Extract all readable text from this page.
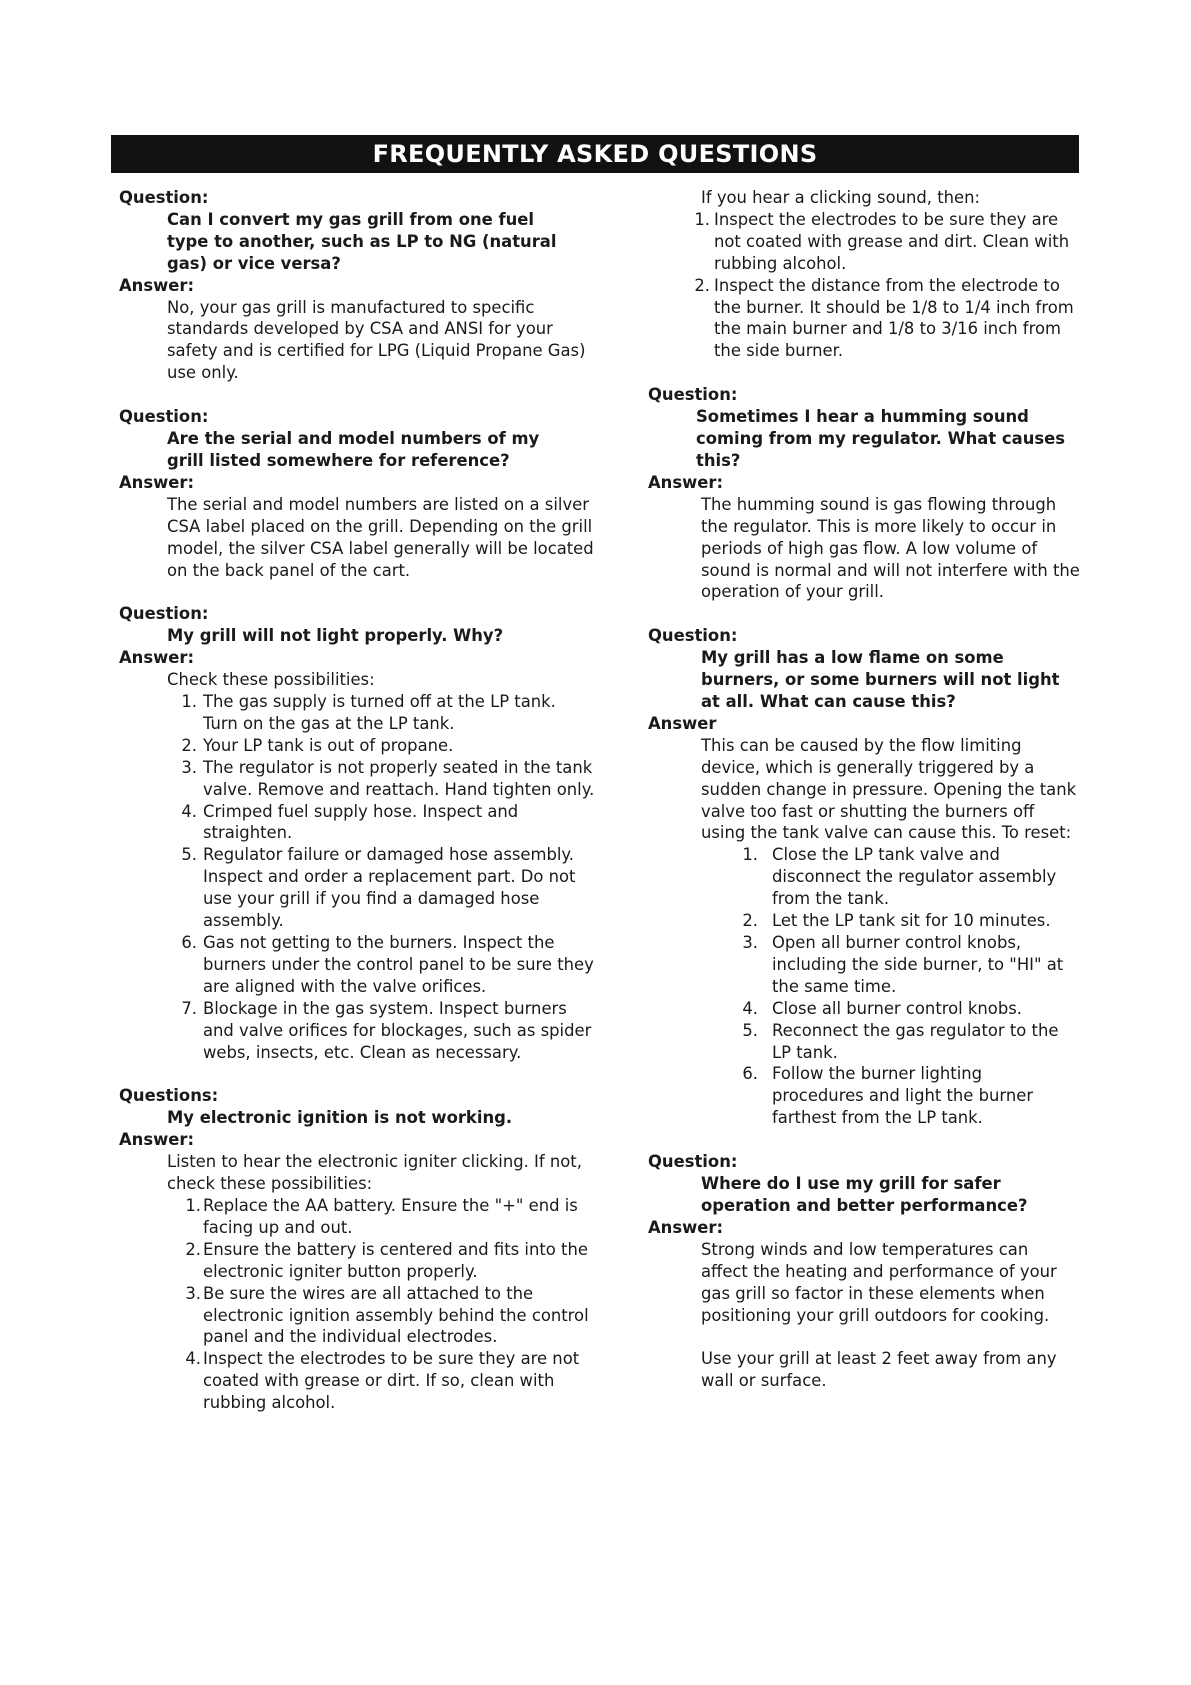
FREQUENTLY ASKED QUESTIONS
Question:
Can I convert my gas grill from one fuel type to another, such as LP to NG (natural gas) or vice versa?
Answer:
No, your gas grill is manufactured to specific standards developed by CSA and ANSI for your safety and is certified for LPG (Liquid Propane Gas) use only.
Question:
Are the serial and model numbers of my grill listed somewhere for reference?
Answer:
The serial and model numbers are listed on a silver CSA label placed on the grill. Depending on the grill model, the silver CSA label generally will be located on the back panel of the cart.
Question:
My grill will not light properly. Why?
Answer:
Check these possibilities:
1. The gas supply is turned off at the LP tank. Turn on the gas at the LP tank.
2. Your LP tank is out of propane.
3. The regulator is not properly seated in the tank valve. Remove and reattach. Hand tighten only.
4. Crimped fuel supply hose. Inspect and straighten.
5. Regulator failure or damaged hose assembly. Inspect and order a replacement part. Do not use your grill if you find a damaged hose assembly.
6. Gas not getting to the burners. Inspect the burners under the control panel to be sure they are aligned with the valve orifices.
7. Blockage in the gas system. Inspect burners and valve orifices for blockages, such as spider webs, insects, etc. Clean as necessary.
Questions:
My electronic ignition is not working.
Answer:
Listen to hear the electronic igniter clicking. If not, check these possibilities:
1. Replace the AA battery. Ensure the "+" end is facing up and out.
2. Ensure the battery is centered and fits into the electronic igniter button properly.
3. Be sure the wires are all attached to the electronic ignition assembly behind the control panel and the individual electrodes.
4. Inspect the electrodes to be sure they are not coated with grease or dirt. If so, clean with rubbing alcohol.
If you hear a clicking sound, then:
1. Inspect the electrodes to be sure they are not coated with grease and dirt. Clean with rubbing alcohol.
2. Inspect the distance from the electrode to the burner. It should be 1/8 to 1/4 inch from the main burner and 1/8 to 3/16 inch from the side burner.
Question:
Sometimes I hear a humming sound coming from my regulator. What causes this?
Answer:
The humming sound is gas flowing through the regulator. This is more likely to occur in periods of high gas flow. A low volume of sound is normal and will not interfere with the operation of your grill.
Question:
My grill has a low flame on some burners, or some burners will not light at all. What can cause this?
Answer
This can be caused by the flow limiting device, which is generally triggered by a sudden change in pressure. Opening the tank valve too fast or shutting the burners off using the tank valve can cause this. To reset:
1. Close the LP tank valve and disconnect the regulator assembly from the tank.
2. Let the LP tank sit for 10 minutes.
3. Open all burner control knobs, including the side burner, to "HI" at the same time.
4. Close all burner control knobs.
5. Reconnect the gas regulator to the LP tank.
6. Follow the burner lighting procedures and light the burner farthest from the LP tank.
Question:
Where do I use my grill for safer operation and better performance?
Answer:
Strong winds and low temperatures can affect the heating and performance of your gas grill so factor in these elements when positioning your grill outdoors for cooking.
Use your grill at least 2 feet away from any wall or surface.
